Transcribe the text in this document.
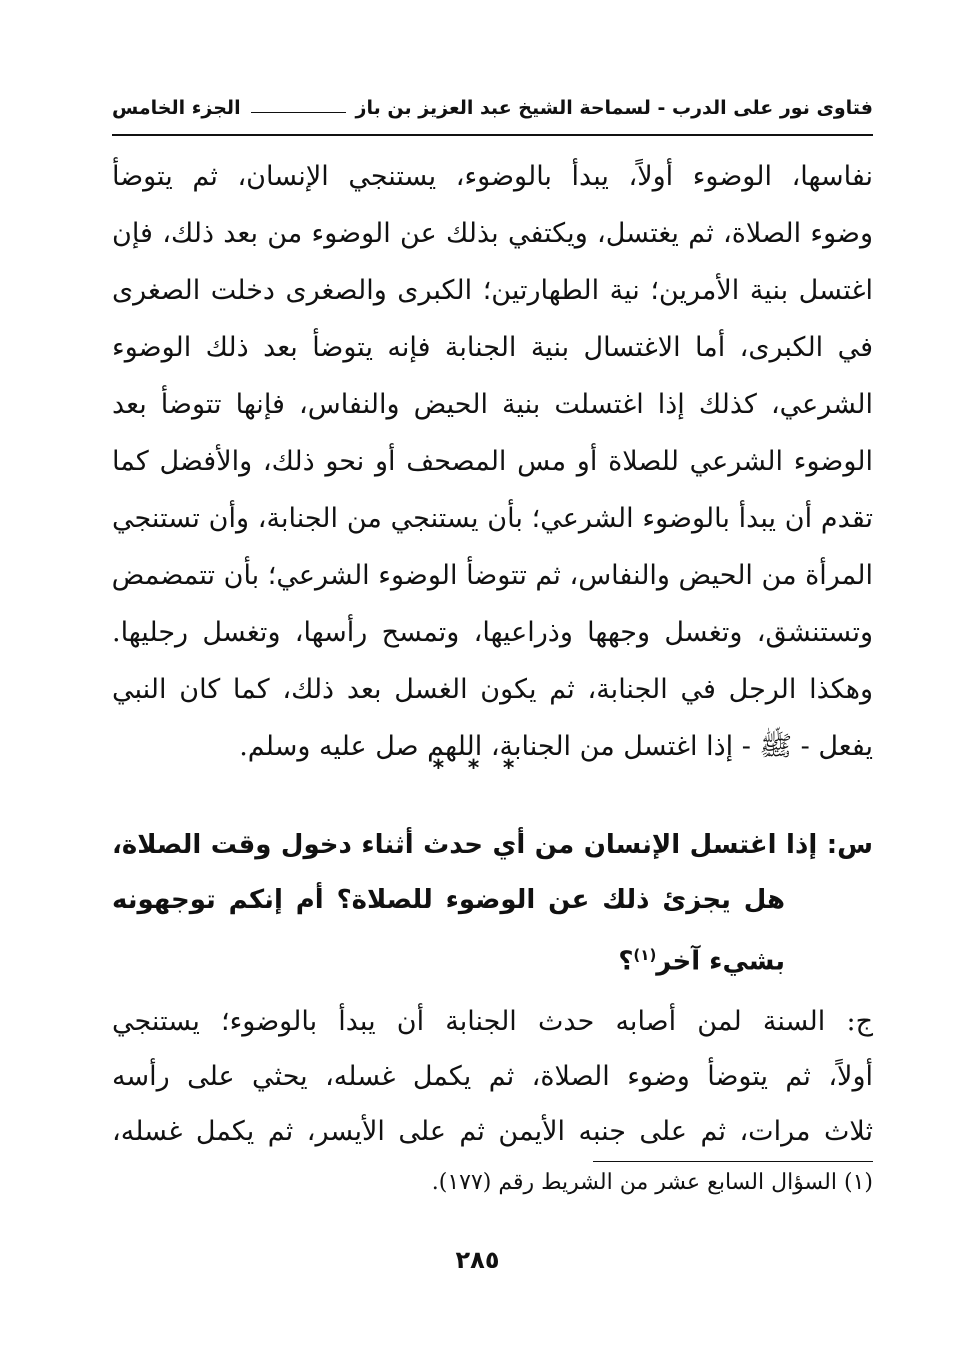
فتاوى نور على الدرب - لسماحة الشيخ عبد العزيز بن باز
الجزء الخامس
نفاسها، الوضوء أولاً، يبدأ بالوضوء، يستنجي الإنسان، ثم يتوضأ
وضوء الصلاة، ثم يغتسل، ويكتفي بذلك عن الوضوء من بعد ذلك، فإن
اغتسل بنية الأمرين؛ نية الطهارتين؛ الكبرى والصغرى دخلت الصغرى
في الكبرى، أما الاغتسال بنية الجنابة فإنه يتوضأ بعد ذلك الوضوء
الشرعي، كذلك إذا اغتسلت بنية الحيض والنفاس، فإنها تتوضأ بعد
الوضوء الشرعي للصلاة أو مس المصحف أو نحو ذلك، والأفضل كما
تقدم أن يبدأ بالوضوء الشرعي؛ بأن يستنجي من الجنابة، وأن تستنجي
المرأة من الحيض والنفاس، ثم تتوضأ الوضوء الشرعي؛ بأن تتمضمض
وتستنشق، وتغسل وجهها وذراعيها، وتمسح رأسها، وتغسل رجليها.
وهكذا الرجل في الجنابة، ثم يكون الغسل بعد ذلك، كما كان النبي
يفعل - ﷺ - إذا اغتسل من الجنابة، اللهم صل عليه وسلم.
* * *
س: إذا اغتسل الإنسان من أي حدث أثناء دخول وقت الصلاة،
هل يجزئ ذلك عن الوضوء للصلاة؟ أم إنكم توجهونه
بشيء آخر$^{(١)}$؟
ج: السنة لمن أصابه حدث الجنابة أن يبدأ بالوضوء؛ يستنجي
أولاً، ثم يتوضأ وضوء الصلاة، ثم يكمل غسله، يحثي على رأسه
ثلاث مرات، ثم على جنبه الأيمن ثم على الأيسر، ثم يكمل غسله،
(١) السؤال السابع عشر من الشريط رقم (١٧٧).
٢٨٥
